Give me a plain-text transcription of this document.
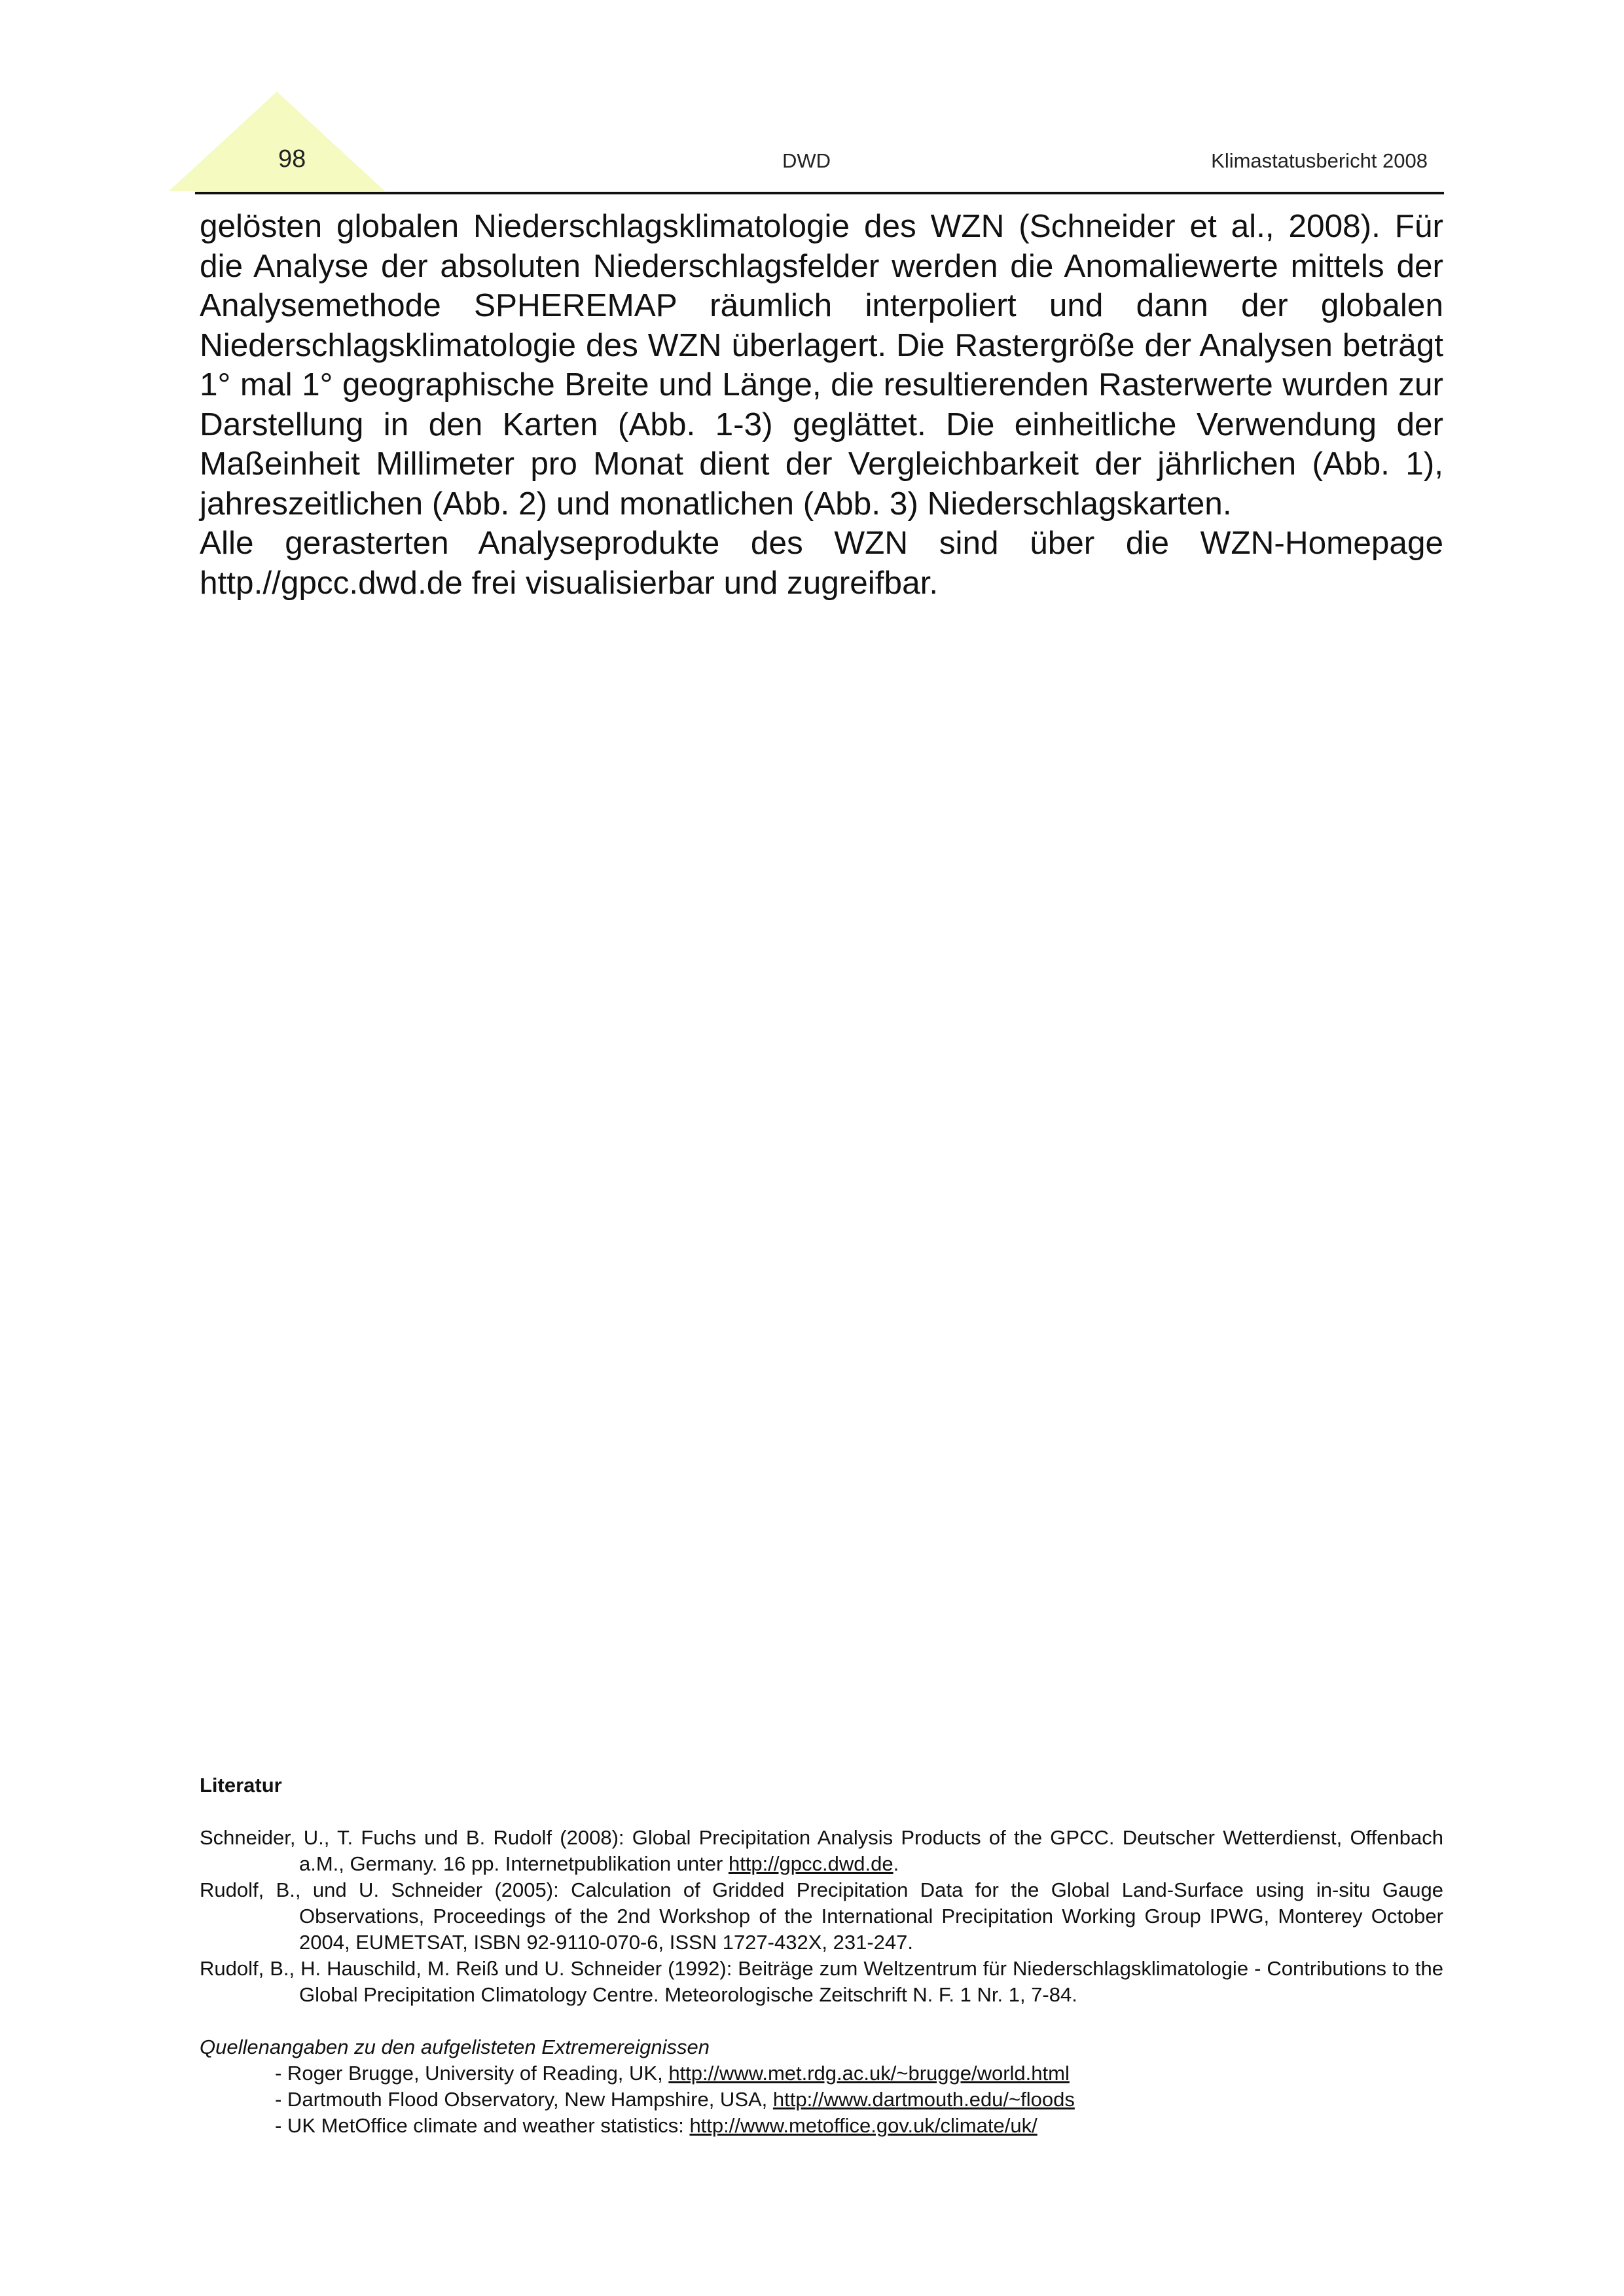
98	DWD	Klimastatusbericht 2008

gelösten globalen Niederschlagsklimatologie des WZN (Schneider et al., 2008). Für die Analyse der absoluten Niederschlagsfelder werden die Anomaliewerte mittels der Analysemethode SPHEREMAP räumlich interpoliert und dann der globalen Niederschlagsklimatologie des WZN überlagert. Die Rastergröße der Analysen beträgt 1° mal 1° geographische Breite und Länge, die resultierenden Rasterwerte wurden zur Darstellung in den Karten (Abb. 1-3) geglättet. Die einheitliche Verwendung der Maßeinheit Millimeter pro Monat dient der Vergleichbarkeit der jährlichen (Abb. 1), jahreszeitlichen (Abb. 2) und monatlichen (Abb. 3) Niederschlagskarten.

Alle gerasterten Analyseprodukte des WZN sind über die WZN-Homepage http.//gpcc.dwd.de frei visualisierbar und zugreifbar.

Literatur

Schneider, U., T. Fuchs und B. Rudolf (2008): Global Precipitation Analysis Products of the GPCC. Deutscher Wetterdienst, Offenbach a.M., Germany. 16 pp. Internetpublikation unter http://gpcc.dwd.de.

Rudolf, B., und U. Schneider (2005): Calculation of Gridded Precipitation Data for the Global Land-Surface using in-situ Gauge Observations, Proceedings of the 2nd Workshop of the International Precipitation Working Group IPWG, Monterey October 2004, EUMETSAT, ISBN 92-9110-070-6, ISSN 1727-432X, 231-247.

Rudolf, B., H. Hauschild, M. Reiß und U. Schneider (1992): Beiträge zum Weltzentrum für Niederschlagsklimatologie - Contributions to the Global Precipitation Climatology Centre. Meteorologische Zeitschrift N. F. 1 Nr. 1, 7-84.

Quellenangaben zu den aufgelisteten Extremereignissen

- Roger Brugge, University of Reading, UK, http://www.met.rdg.ac.uk/~brugge/world.html

- Dartmouth Flood Observatory, New Hampshire, USA, http://www.dartmouth.edu/~floods

- UK MetOffice climate and weather statistics: http://www.metoffice.gov.uk/climate/uk/
